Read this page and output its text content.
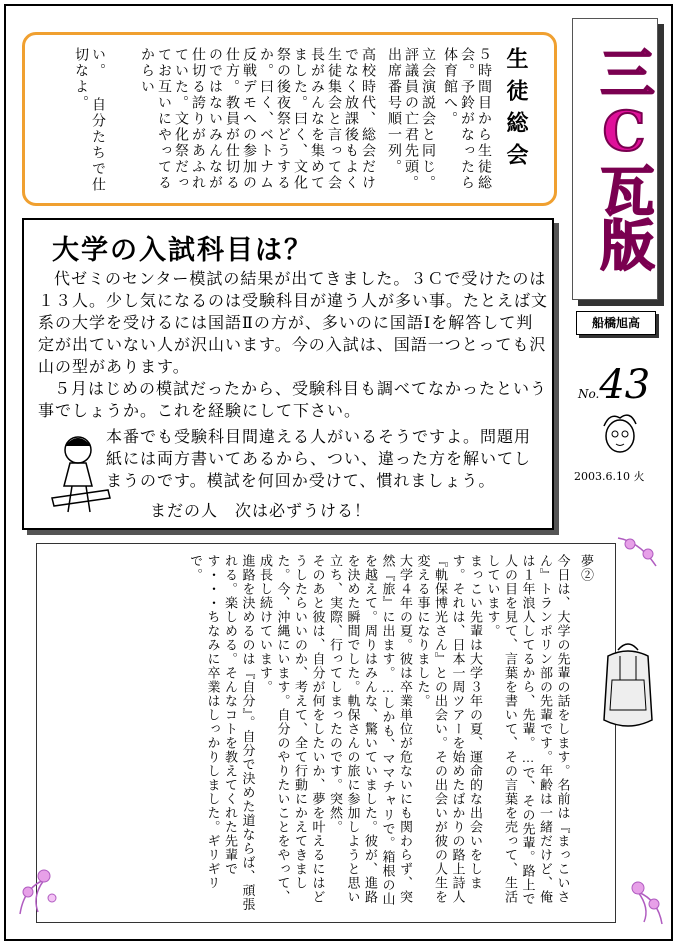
生徒総会
５時間目から生徒総会。予鈴がなったら体育館へ。
立会演説会と同じ。評議員の亡君先頭。出席番号順一列。
高校時代、総会だけでなく放課後もよく生徒集会と言って会長がみんなを集めてました。曰く、文化祭の後夜祭どうするか。曰く、ベトナム反戦デモへの参加の仕方。教員が仕切るのではないみんなが仕切る誇りがあふれていた。文化祭だってお互いにやってるからい
い。 自分たちで仕切なよ。	三C瓦版
船橋旭高
No.43
2003.6.10 火
大学の入試科目は？

代ゼミのセンター模試の結果が出てきました。３Ｃで受けたのは１３人。少し気になるのは受験科目が違う人が多い事。たとえば文系の大学を受けるには国語Ⅱの方が、多いのに国語Ⅰを解答して判定が出ていない人が沢山います。今の入試は、国語一つとっても沢山の型があります。

５月はじめの模試だったから、受験科目も調べてなかったという事でしょうか。これを経験にして下さい。

本番でも受験科目間違える人がいるそうですよ。問題用紙には両方書いてあるから、つい、違った方を解いてしまうのです。模試を何回か受けて、慣れましょう。

まだの人　次は必ずうける！

夢②

今日は、大学の先輩の話をします。名前は『まっこいさん』トランポリン部の先輩です。年齢は一緒だけど、俺は１年浪人してるから、先輩。…で、その先輩。路上で人の目を見て、言葉を書いて、その言葉を売って、生活しています。

まっこい先輩は大学３年の夏、運命的な出会いをします。それは、日本一周ツアーを始めたばかりの路上詩人『軌保博光さん』との出会い。その出会いが彼の人生を変える事になりました。

大学４年の夏。彼は卒業単位が危ないにも関わらず、突然『旅』に出ます。…しかも、ママチャリで。箱根の山を越えて。周りはみんな、驚いていました。彼が、進路を決めた瞬間でした。軌保さんの旅に参加しようと思い立ち、実際、行ってしまったのです。突然。

そのあと彼は、自分が何をしたいか、夢を叶えるにはどうしたらいいのか、考えて、全て行動にかえてきました。今、沖縄にいます。自分のやりたいことをやって、成長し続けています。

進路を決めるのは『自分』。自分で決めた道ならば、頑張れる。楽しめる。そんなコトを教えてくれた先輩です・・・ちなみに卒業はしっかりしました。ギリギリで。
